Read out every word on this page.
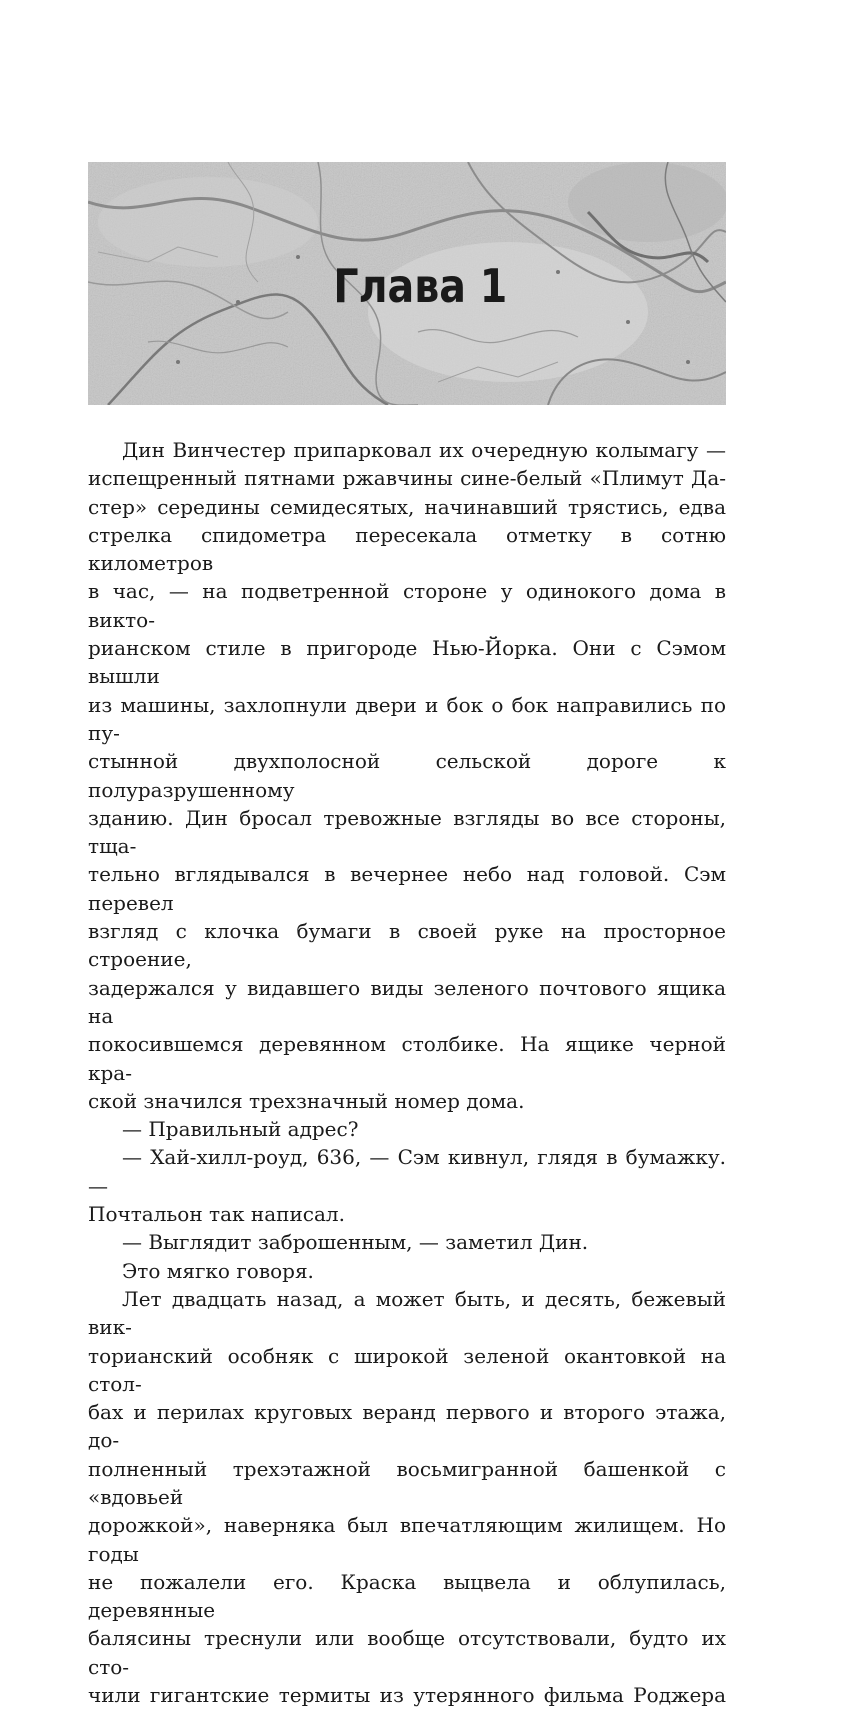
Глава 1

Дин Винчестер припарковал их очередную колымагу —

испещренный пятнами ржавчины сине-белый «Плимут Да-

стер» середины семидесятых, начинавший трястись, едва

стрелка спидометра пересекала отметку в сотню километров

в час, — на подветренной стороне у одинокого дома в викто-

рианском стиле в пригороде Нью-Йорка. Они с Сэмом вышли

из машины, захлопнули двери и бок о бок направились по пу-

стынной двухполосной сельской дороге к полуразрушенному

зданию. Дин бросал тревожные взгляды во все стороны, тща-

тельно вглядывался в вечернее небо над головой. Сэм перевел

взгляд с клочка бумаги в своей руке на просторное строение,

задержался у видавшего виды зеленого почтового ящика на

покосившемся деревянном столбике. На ящике черной кра-

ской значился трехзначный номер дома.

— Правильный адрес?

— Хай-хилл-роуд, 636, — Сэм кивнул, глядя в бумажку. —

Почтальон так написал.

— Выглядит заброшенным, — заметил Дин.

Это мягко говоря.

Лет двадцать назад, а может быть, и десять, бежевый вик-

торианский особняк с широкой зеленой окантовкой на стол-

бах и перилах круговых веранд первого и второго этажа, до-

полненный трехэтажной восьмигранной башенкой с «вдовьей

дорожкой», наверняка был впечатляющим жилищем. Но годы

не пожалели его. Краска выцвела и облупилась, деревянные

балясины треснули или вообще отсутствовали, будто их сто-

чили гигантские термиты из утерянного фильма Роджера
